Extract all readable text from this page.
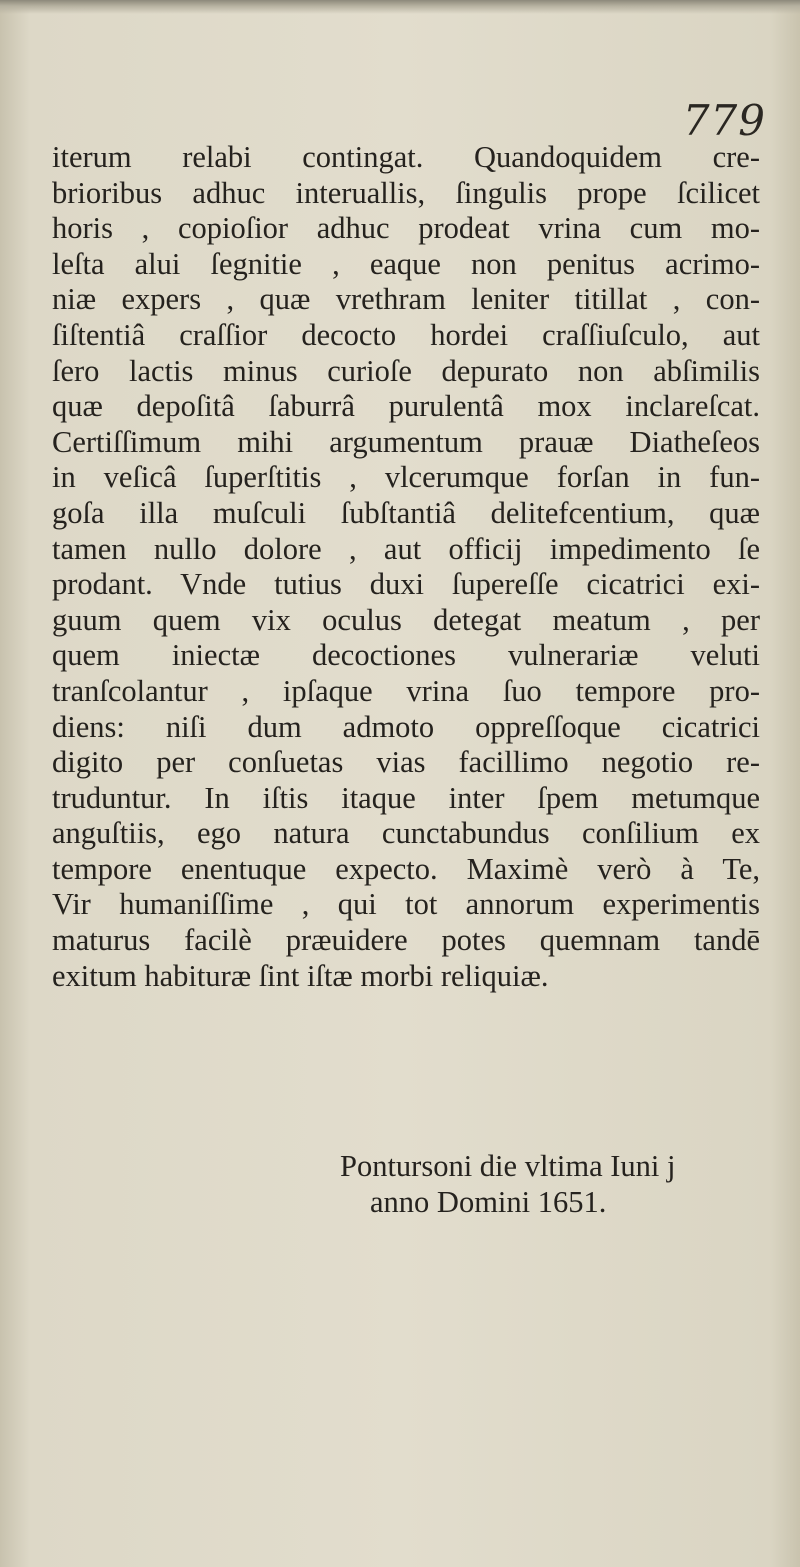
779
iterum relabi contingat. Quandoquidem cre-
brioribus adhuc interuallis, ſingulis prope ſcilicet
horis , copioſior adhuc prodeat vrina cum mo-
leſta alui ſegnitie , eaque non penitus acrimo-
niæ expers , quæ vrethram leniter titillat , con-
ſiſtentiâ craſſior decocto hordei craſſiuſculo, aut
ſero lactis minus curioſe depurato non abſimilis
quæ depoſitâ ſaburrâ purulentâ mox inclareſcat.
Certiſſimum mihi argumentum prauæ Diatheſeos
in veſicâ ſuperſtitis , vlcerumque forſan in fun-
goſa illa muſculi ſubſtantiâ delitefcentium, quæ
tamen nullo dolore , aut officij impedimento ſe
prodant. Vnde tutius duxi ſupereſſe cicatrici exi-
guum quem vix oculus detegat meatum , per
quem iniectæ decoctiones vulnerariæ veluti
tranſcolantur , ipſaque vrina ſuo tempore pro-
diens: niſi dum admoto oppreſſoque cicatrici
digito per conſuetas vias facillimo negotio re-
truduntur. In iſtis itaque inter ſpem metumque
anguſtiis, ego natura cunctabundus conſilium ex
tempore enentuque expecto. Maximè verò à Te,
Vir humaniſſime , qui tot annorum experimentis
maturus facilè præuidere potes quemnam tandē
exitum habituræ ſint iſtæ morbi reliquiæ.
Pontursoni die vltima Iuni j
anno Domini 1651.
